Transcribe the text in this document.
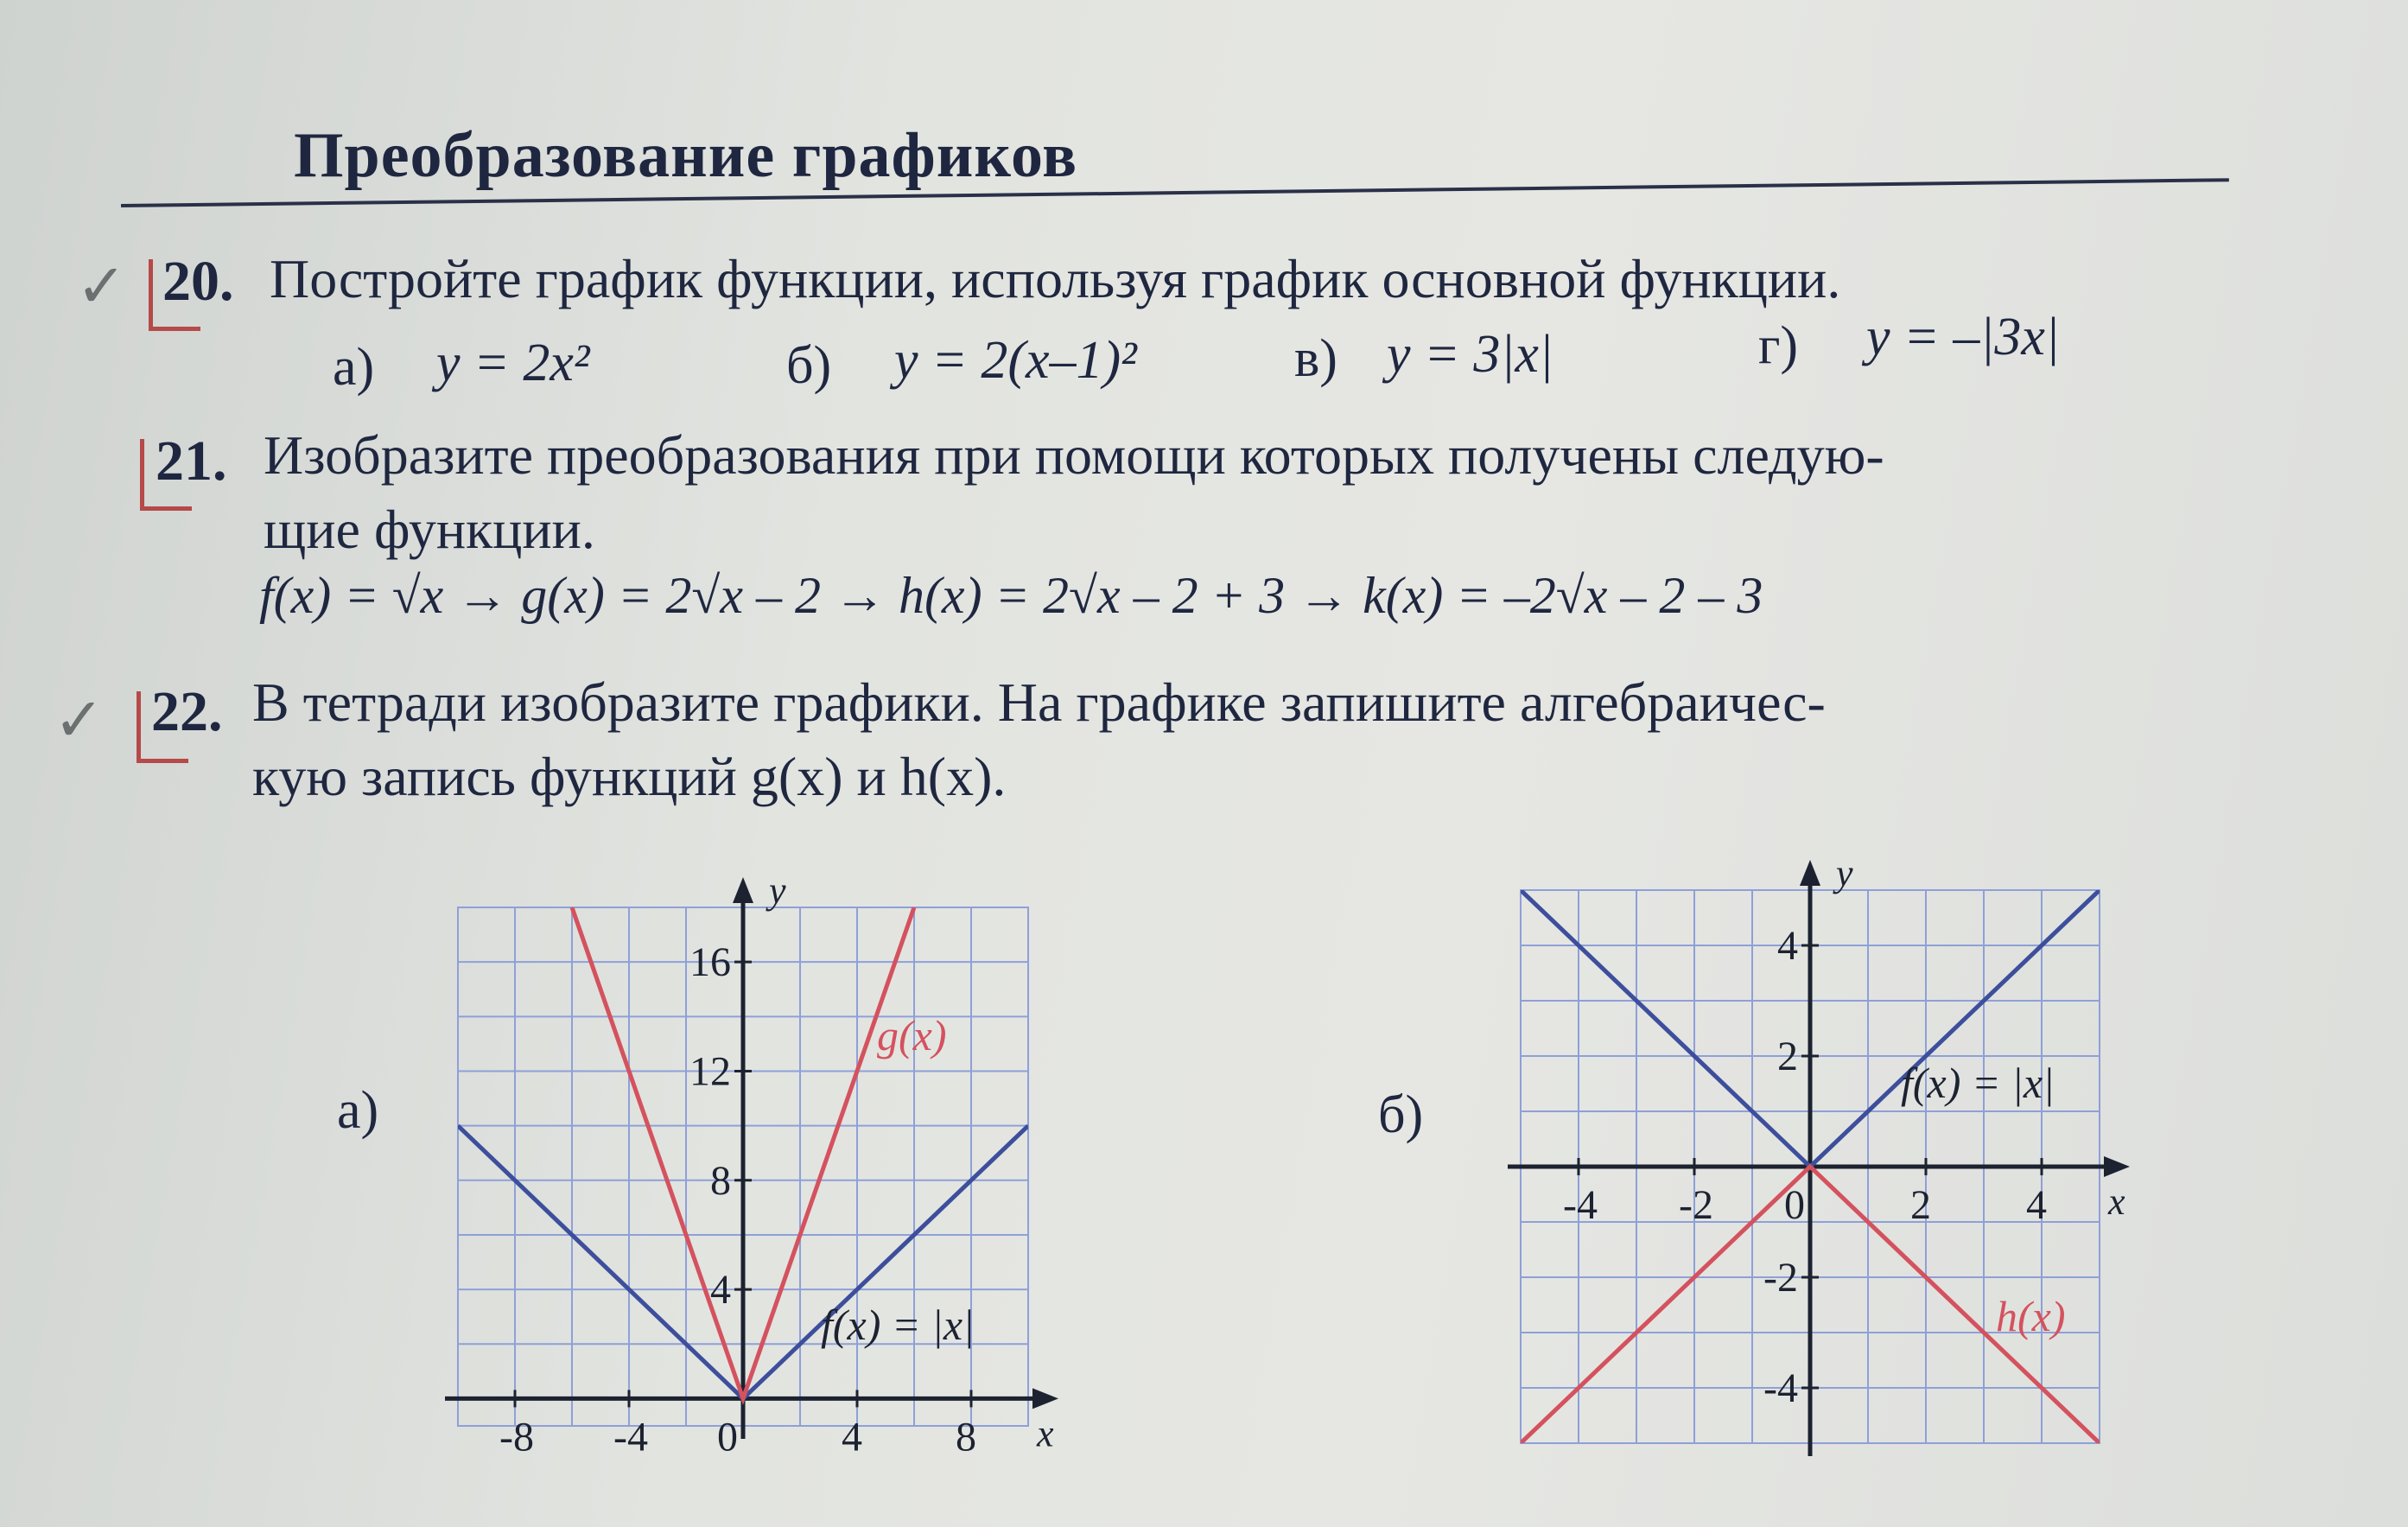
Преобразование графиков
✓ 20. Постройте график функции, используя график основной функции.
а) y = 2x²	б) y = 2(x–1)²	в) y = 3|x|	г) y = –|3x|
21. Изобразите преобразования при помощи которых получены следую-
щие функции.
f(x) = √x → g(x) = 2√x – 2 → h(x) = 2√x – 2 + 3 → k(x) = –2√x – 2 – 3
✓ 22. В тетради изобразите графики. На графике запишите алгебраичес-
кую запись функций g(x) и h(x).
а)
x
y
-8 -4 0	4 8
4
8
12
16
f(x) = |x|
g(x)
б)
x
y
-4 -2 0	2 4
4
2
-2
-4
f(x) = |x|
h(x)
